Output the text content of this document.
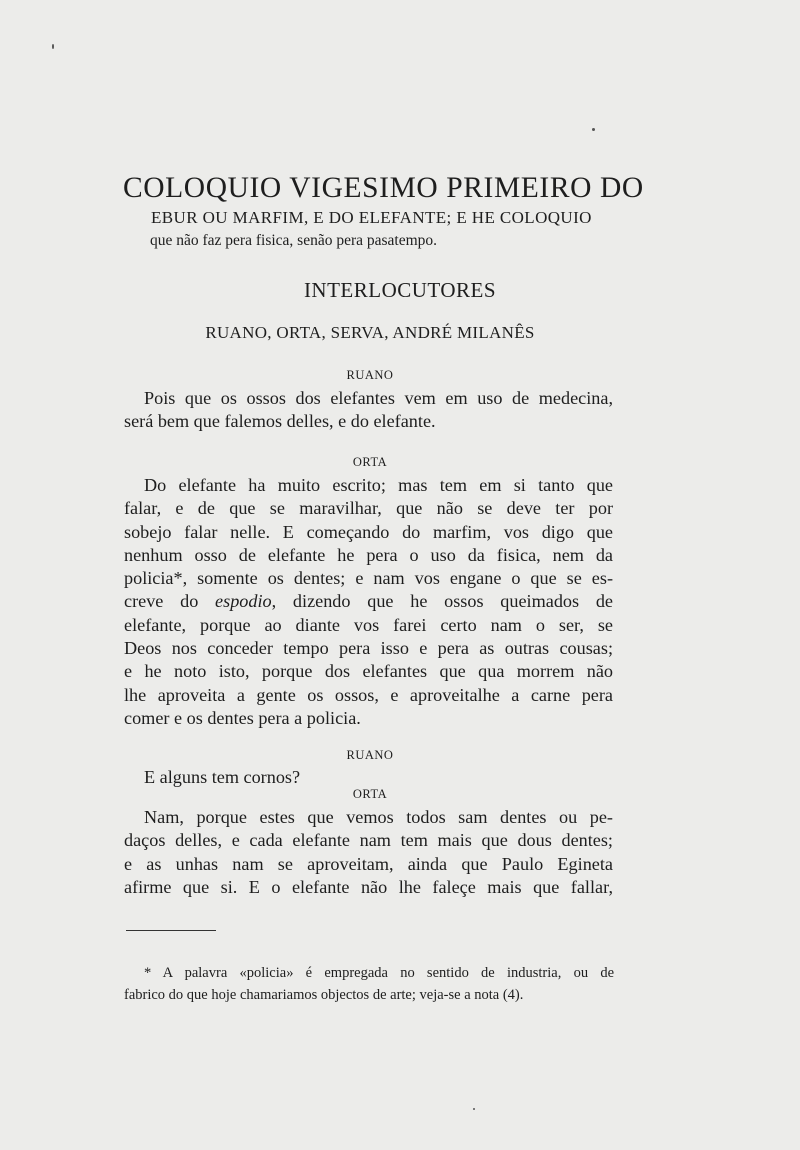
COLOQUIO VIGESIMO PRIMEIRO DO
EBUR OU MARFIM, E DO ELEFANTE; E HE COLOQUIO
que não faz pera fisica, senão pera pasatempo.
INTERLOCUTORES
RUANO, ORTA, SERVA, ANDRÉ MILANÊS
RUANO
Pois que os ossos dos elefantes vem em uso de medecina,
será bem que falemos delles, e do elefante.
ORTA
Do elefante ha muito escrito; mas tem em si tanto que
falar, e de que se maravilhar, que não se deve ter por
sobejo falar nelle. E começando do marfim, vos digo que
nenhum osso de elefante he pera o uso da fisica, nem da
policia*, somente os dentes; e nam vos engane o que se es-
creve do espodio, dizendo que he ossos queimados de
elefante, porque ao diante vos farei certo nam o ser, se
Deos nos conceder tempo pera isso e pera as outras cousas;
e he noto isto, porque dos elefantes que qua morrem não
lhe aproveita a gente os ossos, e aproveitalhe a carne pera
comer e os dentes pera a policia.
RUANO
E alguns tem cornos?
ORTA
Nam, porque estes que vemos todos sam dentes ou pe-
daços delles, e cada elefante nam tem mais que dous dentes;
e as unhas nam se aproveitam, ainda que Paulo Egineta
afirme que si. E o elefante não lhe faleçe mais que fallar,
* A palavra «policia» é empregada no sentido de industria, ou de
fabrico do que hoje chamariamos objectos de arte; veja-se a nota (4).
